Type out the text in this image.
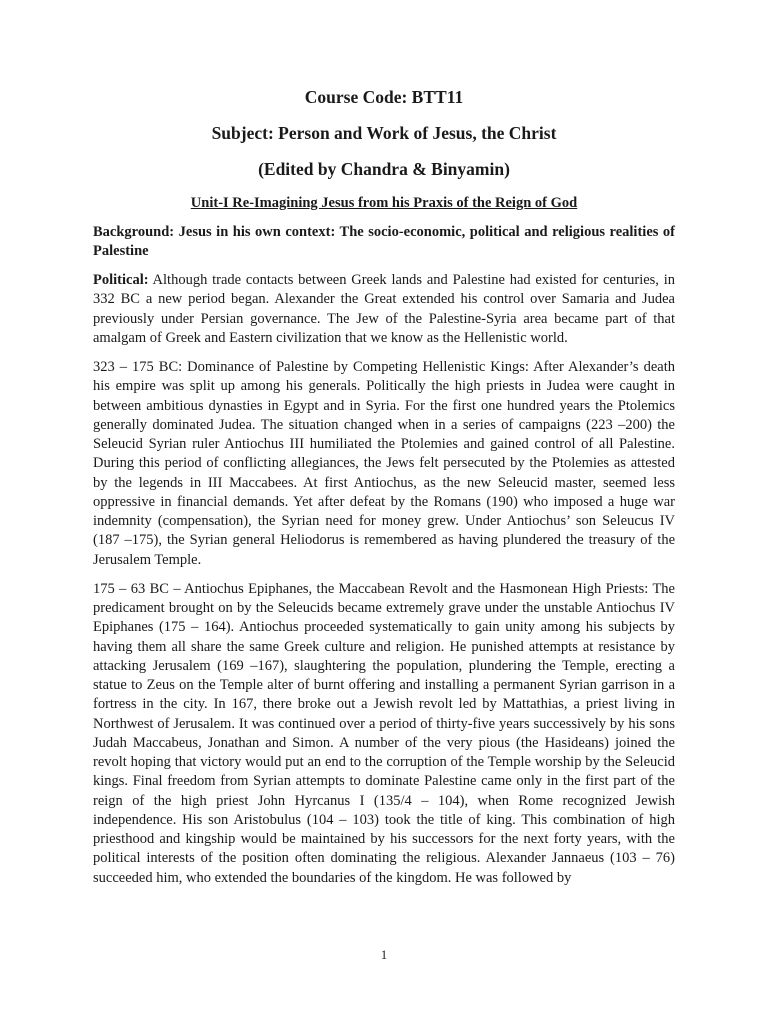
Course Code: BTT11
Subject: Person and Work of Jesus, the Christ
(Edited by Chandra & Binyamin)
Unit-I Re-Imagining Jesus from his Praxis of the Reign of God
Background: Jesus in his own context: The socio-economic, political and religious realities of Palestine
Political: Although trade contacts between Greek lands and Palestine had existed for centuries, in 332 BC a new period began. Alexander the Great extended his control over Samaria and Judea previously under Persian governance. The Jew of the Palestine-Syria area became part of that amalgam of Greek and Eastern civilization that we know as the Hellenistic world.
323 – 175 BC: Dominance of Palestine by Competing Hellenistic Kings: After Alexander’s death his empire was split up among his generals. Politically the high priests in Judea were caught in between ambitious dynasties in Egypt and in Syria. For the first one hundred years the Ptolemics generally dominated Judea. The situation changed when in a series of campaigns (223 –200) the Seleucid Syrian ruler Antiochus III humiliated the Ptolemies and gained control of all Palestine. During this period of conflicting allegiances, the Jews felt persecuted by the Ptolemies as attested by the legends in III Maccabees. At first Antiochus, as the new Seleucid master, seemed less oppressive in financial demands. Yet after defeat by the Romans (190) who imposed a huge war indemnity (compensation), the Syrian need for money grew. Under Antiochus’ son Seleucus IV (187 –175), the Syrian general Heliodorus is remembered as having plundered the treasury of the Jerusalem Temple.
175 – 63 BC – Antiochus Epiphanes, the Maccabean Revolt and the Hasmonean High Priests: The predicament brought on by the Seleucids became extremely grave under the unstable Antiochus IV Epiphanes (175 – 164). Antiochus proceeded systematically to gain unity among his subjects by having them all share the same Greek culture and religion. He punished attempts at resistance by attacking Jerusalem (169 –167), slaughtering the population, plundering the Temple, erecting a statue to Zeus on the Temple alter of burnt offering and installing a permanent Syrian garrison in a fortress in the city. In 167, there broke out a Jewish revolt led by Mattathias, a priest living in Northwest of Jerusalem. It was continued over a period of thirty-five years successively by his sons Judah Maccabeus, Jonathan and Simon. A number of the very pious (the Hasideans) joined the revolt hoping that victory would put an end to the corruption of the Temple worship by the Seleucid kings. Final freedom from Syrian attempts to dominate Palestine came only in the first part of the reign of the high priest John Hyrcanus I (135/4 – 104), when Rome recognized Jewish independence. His son Aristobulus (104 – 103) took the title of king. This combination of high priesthood and kingship would be maintained by his successors for the next forty years, with the political interests of the position often dominating the religious. Alexander Jannaeus (103 – 76) succeeded him, who extended the boundaries of the kingdom. He was followed by
1
